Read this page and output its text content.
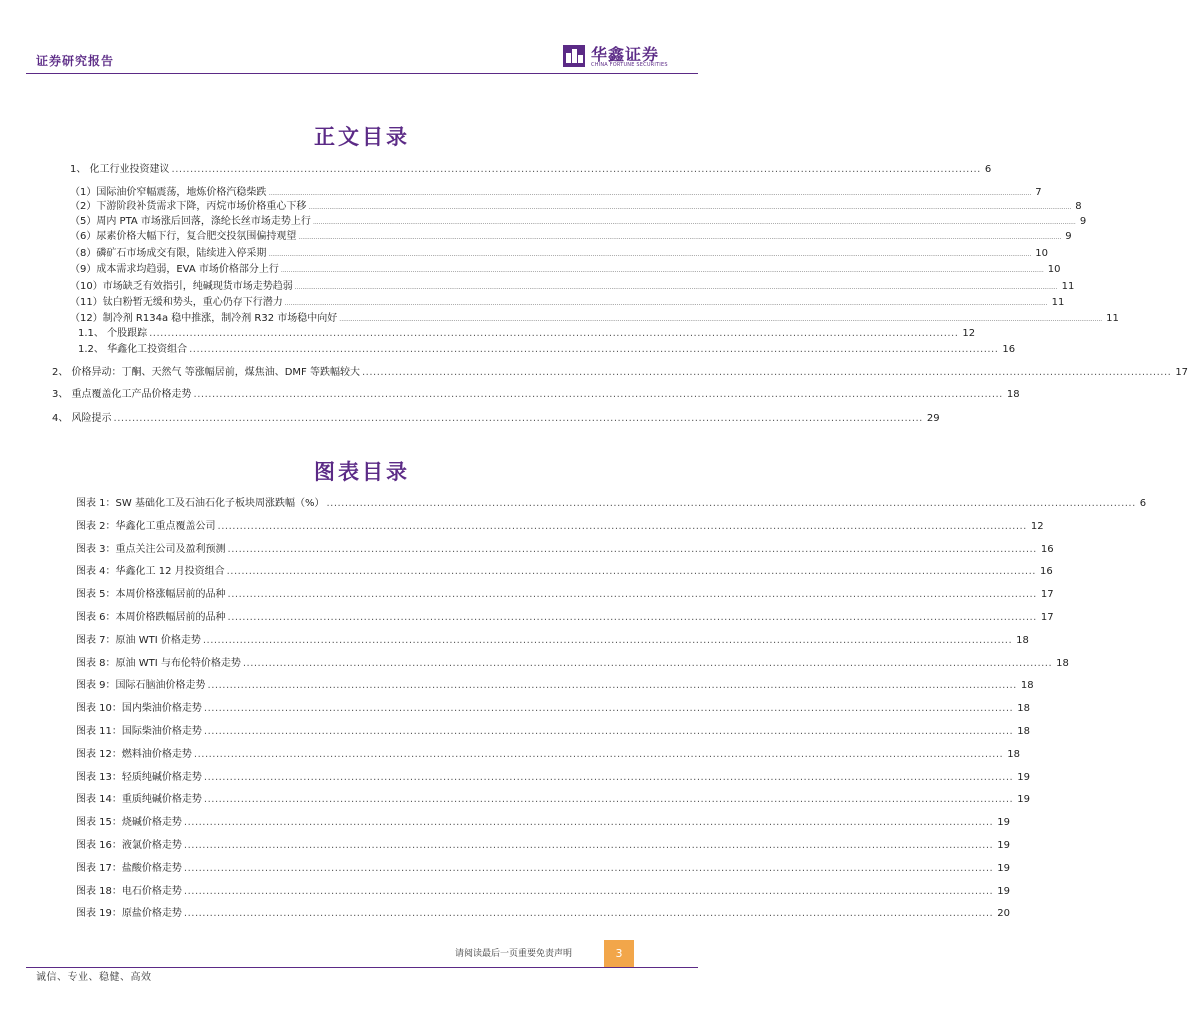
证券研究报告	华鑫证券
CHINA FORTUNE SECURITIES
正文目录
1、 化工行业投资建议 ............................................................................................................................................................................................................................ 6
（1）国际油价窄幅震荡，地炼价格汽稳柴跌 ................................................................................................................................................................................................................................................................................................................................................................................................................ 7
（2）下游阶段补货需求下降，丙烷市场价格重心下移 ................................................................................................................................................................................................................................................................................................................................................................................................................ 8
（5）周内 PTA 市场涨后回落，涤纶长丝市场走势上行 ................................................................................................................................................................................................................................................................................................................................................................................................................ 9
（6）尿素价格大幅下行，复合肥交投氛围偏持观望 ................................................................................................................................................................................................................................................................................................................................................................................................................ 9
（8）磷矿石市场成交有限，陆续进入停采期 ................................................................................................................................................................................................................................................................................................................................................................................................................ 10
（9）成本需求均趋弱，EVA 市场价格部分上行 ................................................................................................................................................................................................................................................................................................................................................................................................................ 10
（10）市场缺乏有效指引，纯碱现货市场走势趋弱 ................................................................................................................................................................................................................................................................................................................................................................................................................ 11
（11）钛白粉暂无缓和势头，重心仍存下行潜力 ................................................................................................................................................................................................................................................................................................................................................................................................................ 11
（12）制冷剂 R134a 稳中推涨，制冷剂 R32 市场稳中向好 ................................................................................................................................................................................................................................................................................................................................................................................................................ 11
1.1、 个股跟踪 ............................................................................................................................................................................................................................ 12
1.2、 华鑫化工投资组合 ............................................................................................................................................................................................................................ 16
2、 价格异动：丁酮、天然气 等涨幅居前，煤焦油、DMF 等跌幅较大 ............................................................................................................................................................................................................................ 17
3、 重点覆盖化工产品价格走势 ............................................................................................................................................................................................................................ 18
4、 风险提示 ............................................................................................................................................................................................................................ 29
图表目录
图表 1：SW 基础化工及石油石化子板块周涨跌幅（%） ............................................................................................................................................................................................................................ 6
图表 2：华鑫化工重点覆盖公司 ............................................................................................................................................................................................................................ 12
图表 3：重点关注公司及盈利预测 ............................................................................................................................................................................................................................ 16
图表 4：华鑫化工 12 月投资组合 ............................................................................................................................................................................................................................ 16
图表 5：本周价格涨幅居前的品种 ............................................................................................................................................................................................................................ 17
图表 6：本周价格跌幅居前的品种 ............................................................................................................................................................................................................................ 17
图表 7：原油 WTI 价格走势 ............................................................................................................................................................................................................................ 18
图表 8：原油 WTI 与布伦特价格走势 ............................................................................................................................................................................................................................ 18
图表 9：国际石脑油价格走势 ............................................................................................................................................................................................................................ 18
图表 10：国内柴油价格走势 ............................................................................................................................................................................................................................ 18
图表 11：国际柴油价格走势 ............................................................................................................................................................................................................................ 18
图表 12：燃料油价格走势 ............................................................................................................................................................................................................................ 18
图表 13：轻质纯碱价格走势 ............................................................................................................................................................................................................................ 19
图表 14：重质纯碱价格走势 ............................................................................................................................................................................................................................ 19
图表 15：烧碱价格走势 ............................................................................................................................................................................................................................ 19
图表 16：液氯价格走势 ............................................................................................................................................................................................................................ 19
图表 17：盐酸价格走势 ............................................................................................................................................................................................................................ 19
图表 18：电石价格走势 ............................................................................................................................................................................................................................ 19
图表 19：原盐价格走势 ............................................................................................................................................................................................................................ 20
请阅读最后一页重要免责声明	3
诚信、专业、稳健、高效
